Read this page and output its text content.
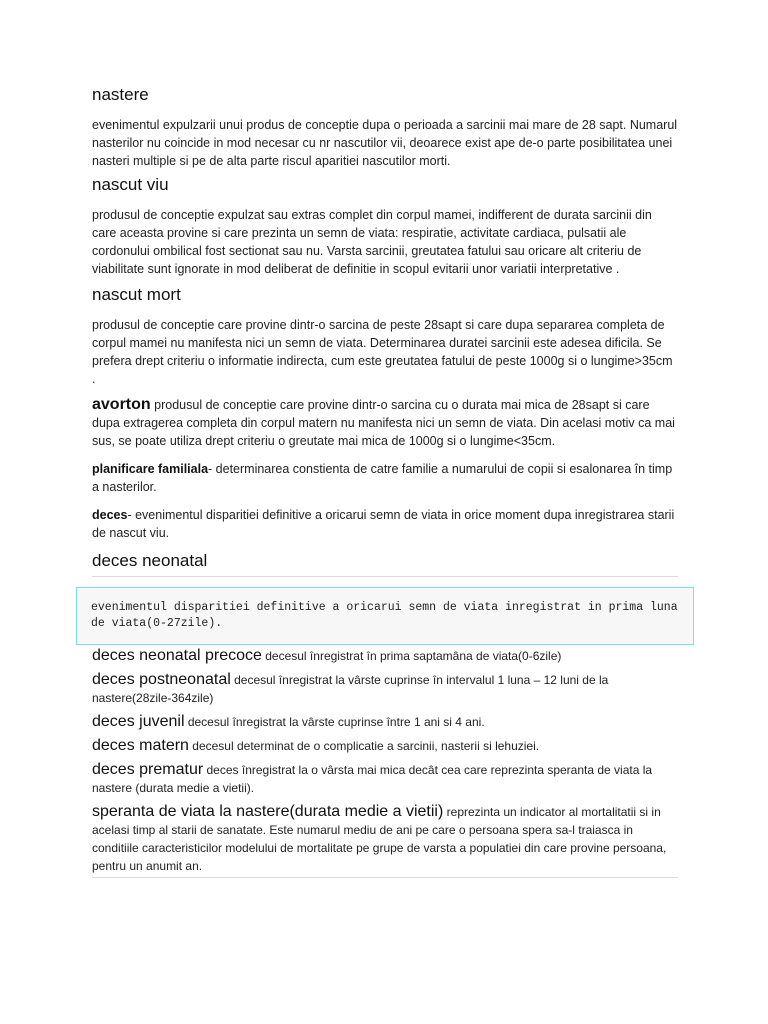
nastere

evenimentul expulzarii unui produs de conceptie dupa o perioada a sarcinii mai mare de 28 sapt. Numarul nasterilor nu coincide in mod necesar cu nr nascutilor vii, deoarece exist ape de-o parte posibilitatea unei nasteri multiple si pe de alta parte riscul aparitiei nascutilor morti.

nascut viu

produsul de conceptie expulzat sau extras complet din corpul mamei, indifferent de durata sarcinii din care aceasta provine si care prezinta un semn de viata: respiratie, activitate cardiaca, pulsatii ale cordonului ombilical fost sectionat sau nu. Varsta sarcinii, greutatea fatului sau oricare alt criteriu de viabilitate sunt ignorate in mod deliberat de definitie in scopul evitarii unor variatii interpretative .

nascut mort

produsul de conceptie care provine dintr-o sarcina de peste 28sapt si care dupa separarea completa de corpul mamei nu manifesta nici un semn de viata. Determinarea duratei sarcinii este adesea dificila. Se prefera drept criteriu o informatie indirecta, cum este greutatea fatului de peste 1000g si o lungime>35cm .

avorton produsul de conceptie care provine dintr-o sarcina cu o durata mai mica de 28sapt si care dupa extragerea completa din corpul matern nu manifesta nici un semn de viata. Din acelasi motiv ca mai sus, se poate utiliza drept criteriu o greutate mai mica de 1000g si o lungime<35cm.
planificare familiala- determinarea constienta de catre familie a numarului de copii si esalonarea în timp a nasterilor.
deces- evenimentul disparitiei definitive a oricarui semn de viata in orice moment dupa inregistrarea starii de nascut viu.
deces neonatal
evenimentul disparitiei definitive a oricarui semn de viata inregistrat in prima luna de viata(0-27zile).
deces neonatal precoce decesul înregistrat în prima saptamâna de viata(0-6zile)
deces postneonatal decesul înregistrat la vârste cuprinse în intervalul 1 luna – 12 luni de la nastere(28zile-364zile)
deces juvenil decesul înregistrat la vârste cuprinse între 1 ani si 4 ani.
deces matern decesul determinat de o complicatie a sarcinii, nasterii si lehuziei.
deces prematur deces înregistrat la o vârsta mai mica decât cea care reprezinta speranta de viata la nastere (durata medie a vietii).
speranta de viata la nastere(durata medie a vietii) reprezinta un indicator al mortalitatii si in acelasi timp al starii de sanatate. Este numarul mediu de ani pe care o persoana spera sa-l traiasca in conditiile caracteristicilor modelului de mortalitate pe grupe de varsta a populatiei din care provine persoana, pentru un anumit an.
